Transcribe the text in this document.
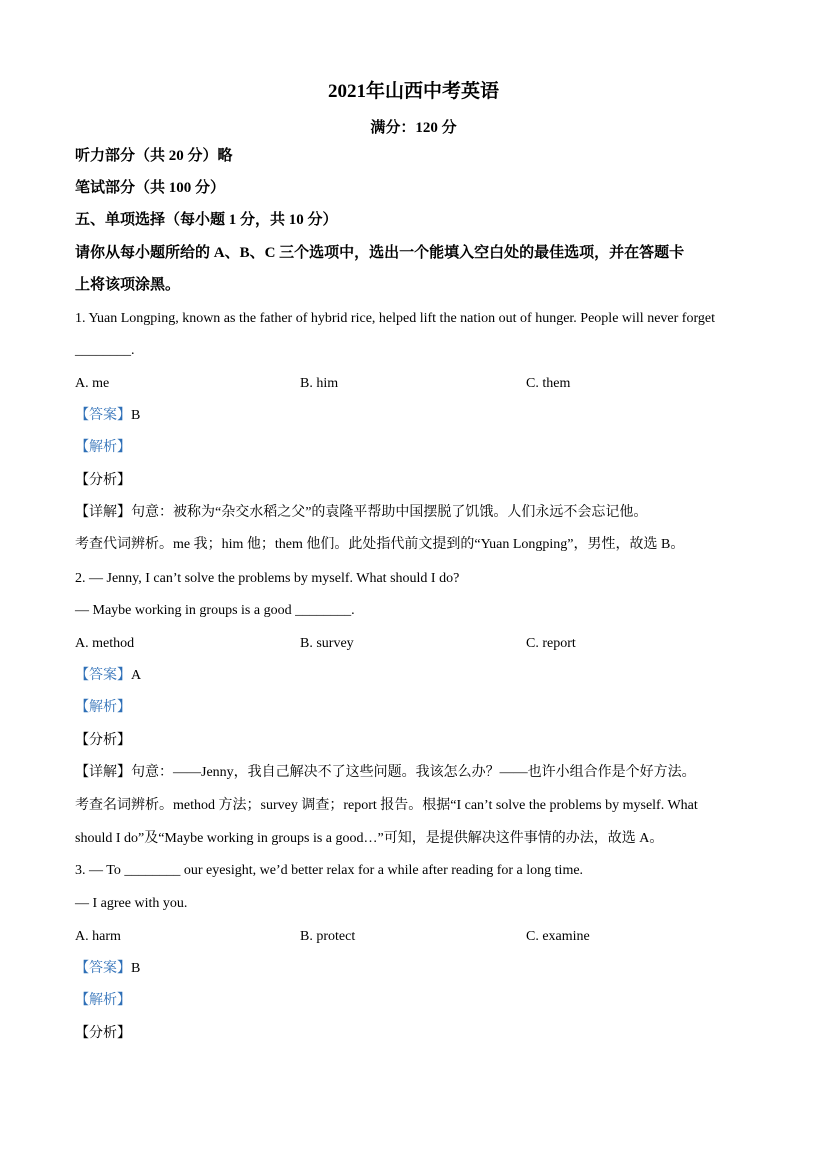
2021年山西中考英语
满分：120 分
听力部分（共 20 分）略
笔试部分（共 100 分）
五、单项选择（每小题 1 分，共 10 分）
请你从每小题所给的 A、B、C 三个选项中，选出一个能填入空白处的最佳选项，并在答题卡
上将该项涂黑。
1. Yuan Longping, known as the father of hybrid rice, helped lift the nation out of hunger. People will never forget
________.
A. me	B. him	C. them
【答案】B
【解析】
【分析】
【详解】句意：被称为“杂交水稻之父”的袁隆平帮助中国摆脱了饥饿。人们永远不会忘记他。
考查代词辨析。me 我；him 他；them 他们。此处指代前文提到的“Yuan Longping”，男性，故选 B。
2. — Jenny, I can’t solve the problems by myself. What should I do?
— Maybe working in groups is a good ________.
A. method	B. survey	C. report
【答案】A
【解析】
【分析】
【详解】句意：——Jenny，我自己解决不了这些问题。我该怎么办？——也许小组合作是个好方法。
考查名词辨析。method 方法；survey 调查；report 报告。根据“I can’t solve the problems by myself. What
should I do”及“Maybe working in groups is a good…”可知，是提供解决这件事情的办法，故选 A。
3. — To ________ our eyesight, we’d better relax for a while after reading for a long time.
— I agree with you.
A. harm	B. protect	C. examine
【答案】B
【解析】
【分析】
